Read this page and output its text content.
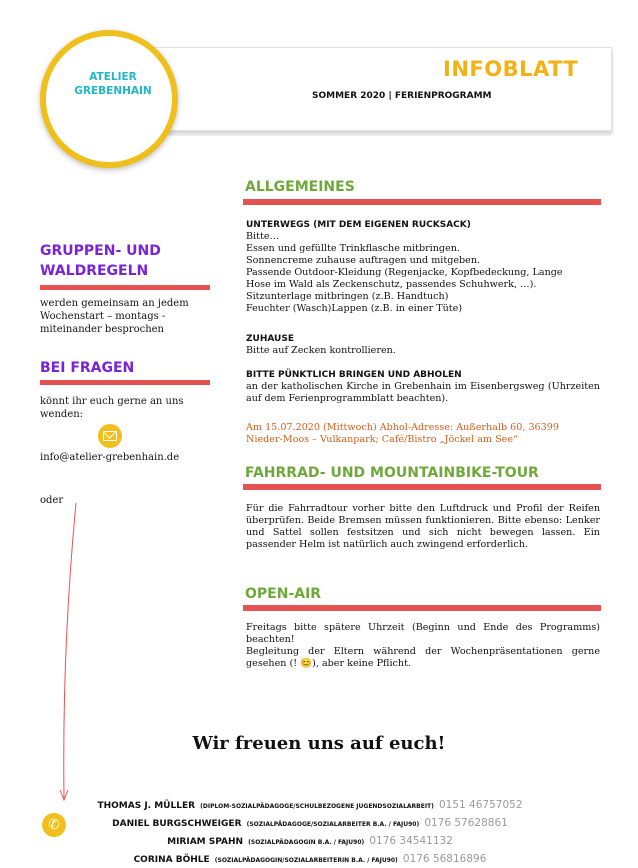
ATELIER
GREBENHAIN
INFOBLATT
SOMMER 2020 | FERIENPROGRAMM
ALLGEMEINES

UNTERWEGS (MIT DEM EIGENEN RUCKSACK)

Bitte…

Essen und gefüllte Trinkflasche mitbringen.

Sonnencreme zuhause auftragen und mitgeben.

Passende Outdoor-Kleidung (Regenjacke, Kopfbedeckung, Lange

Hose im Wald als Zeckenschutz, passendes Schuhwerk, …).

Sitzunterlage mitbringen (z.B. Handtuch)

Feuchter (Wasch)Lappen (z.B. in einer Tüte)

ZUHAUSE

Bitte auf Zecken kontrollieren.

BITTE PÜNKTLICH BRINGEN UND ABHOLEN

an der katholischen Kirche in Grebenhain im Eisenbergsweg (Uhrzeiten auf dem Ferienprogrammblatt beachten).

Am 15.07.2020 (Mittwoch) Abhol-Adresse: Außerhalb 60, 36399

Nieder-Moos – Vulkanpark; Café/Bistro „Jöckel am See“

FAHRRAD- UND MOUNTAINBIKE-TOUR
Für die Fahrradtour vorher bitte den Luftdruck und Profil der Reifen überprüfen. Beide Bremsen müssen funktionieren. Bitte ebenso: Lenker und Sattel sollen festsitzen und sich nicht bewegen lassen. Ein passender Helm ist natürlich auch zwingend erforderlich.
OPEN-AIR

Freitags bitte spätere Uhrzeit (Beginn und Ende des Programms) beachten!

Begleitung der Eltern während der Wochenpräsentationen gerne gesehen (! 😊), aber keine Pflicht.

GRUPPEN- UND
WALDREGELN
werden gemeinsam an jedem
Wochenstart – montags -
miteinander besprochen
BEI FRAGEN
könnt ihr euch gerne an uns
wenden:
info@atelier-grebenhain.de
oder
Wir freuen uns auf euch!
✆
THOMAS J. MÜLLER (DIPLOM-SOZIALPÄDAGOGE/SCHULBEZOGENE JUGENDSOZIALARBEIT) 0151 46757052
DANIEL BURGSCHWEIGER (SOZIALPÄDAGOGE/SOZIALARBEITER B.A. / FAJU90) 0176 57628861
MIRIAM SPAHN (SOZIALPÄDAGOGIN B.A. / FAJU90) 0176 34541132
CORINA BÖHLE (SOZIALPÄDAGOGIN/SOZIALARBEITERIN B.A. / FAJU90) 0176 56816896
